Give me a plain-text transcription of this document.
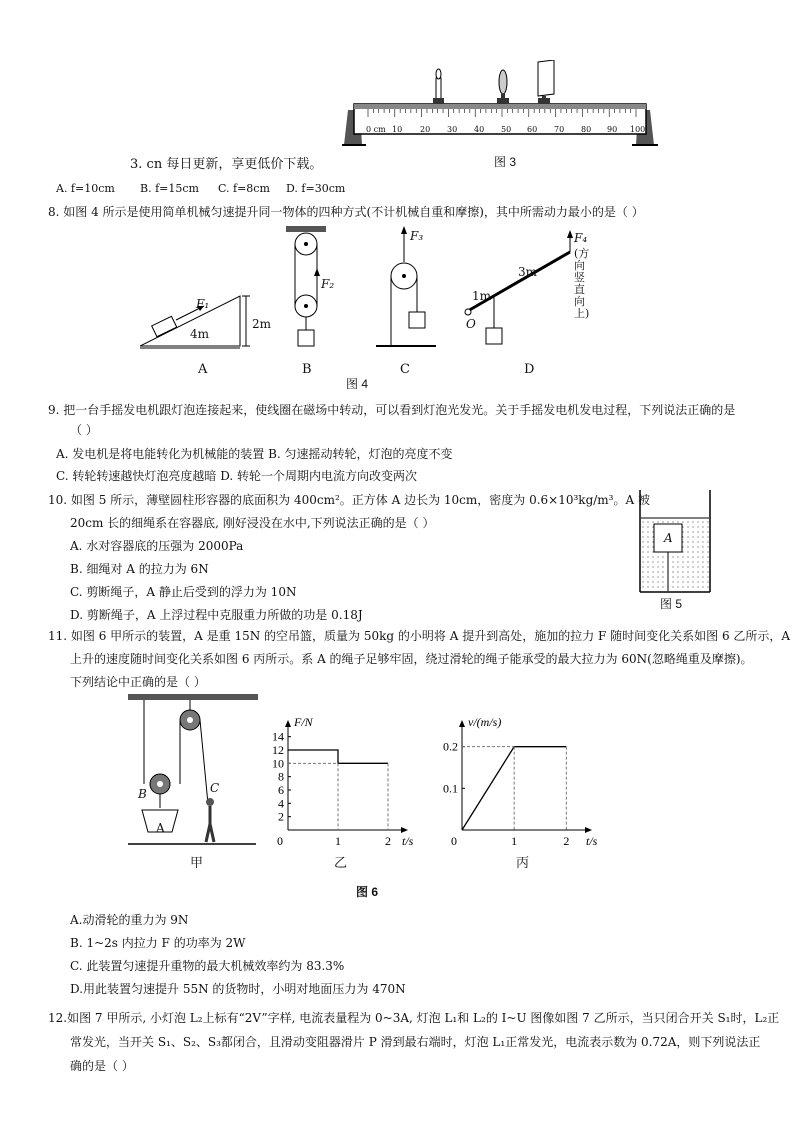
0 cm 10 20 30 40 50 60 70 80 90 100
图 3
3. cn 每日更新，享更低价下载。
A. f=10cm B. f=15cm C. f=8cm D. f=30cm
8. 如图 4 所示是使用简单机械匀速提升同一物体的四种方式(不计机械自重和摩擦)，其中所需动力最小的是（ ）
F₁
4m
2m
F₂
F₃
1m
3m
O
F₄
(方向竖直向上)
A	B	C	D
图 4
9. 把一台手摇发电机跟灯泡连接起来，使线圈在磁场中转动，可以看到灯泡光发光。关于手摇发电机发电过程，下列说法正确的是
（ ）
A. 发电机是将电能转化为机械能的装置 B. 匀速摇动转轮，灯泡的亮度不变
C. 转轮转速越快灯泡亮度越暗 D. 转轮一个周期内电流方向改变两次
10. 如图 5 所示，薄壁圆柱形容器的底面积为 400cm²。正方体 A 边长为 10cm，密度为 0.6×10³kg/m³。A 被
20cm 长的细绳系在容器底, 刚好浸没在水中,下列说法正确的是（ ）
A. 水对容器底的压强为 2000Pa
B. 细绳对 A 的拉力为 6N
C. 剪断绳子，A 静止后受到的浮力为 10N
D. 剪断绳子，A 上浮过程中克服重力所做的功是 0.18J
A
图 5
11. 如图 6 甲所示的装置，A 是重 15N 的空吊篮，质量为 50kg 的小明将 A 提升到高处，施加的拉力 F 随时间变化关系如图 6 乙所示，A
上升的速度随时间变化关系如图 6 丙所示。系 A 的绳子足够牢固，绕过滑轮的绳子能承受的最大拉力为 60N(忽略绳重及摩擦)。
下列结论中正确的是（ ）
B	C
A
甲
2
4
6
8
10
12
14
0	1	2
F/N
t/s
乙
0.1
0.2
0	1	2
v/(m/s)
t/s
丙
图 6
A.动滑轮的重力为 9N
B. 1~2s 内拉力 F 的功率为 2W
C. 此装置匀速提升重物的最大机械效率约为 83.3%
D.用此装置匀速提升 55N 的货物时，小明对地面压力为 470N
12.如图 7 甲所示, 小灯泡 L₂上标有“2V”字样, 电流表量程为 0~3A, 灯泡 L₁和 L₂的 I~U 图像如图 7 乙所示，当只闭合开关 S₁时，L₂正
常发光，当开关 S₁、S₂、S₃都闭合，且滑动变阻器滑片 P 滑到最右端时，灯泡 L₁正常发光，电流表示数为 0.72A，则下列说法正
确的是（ ）
